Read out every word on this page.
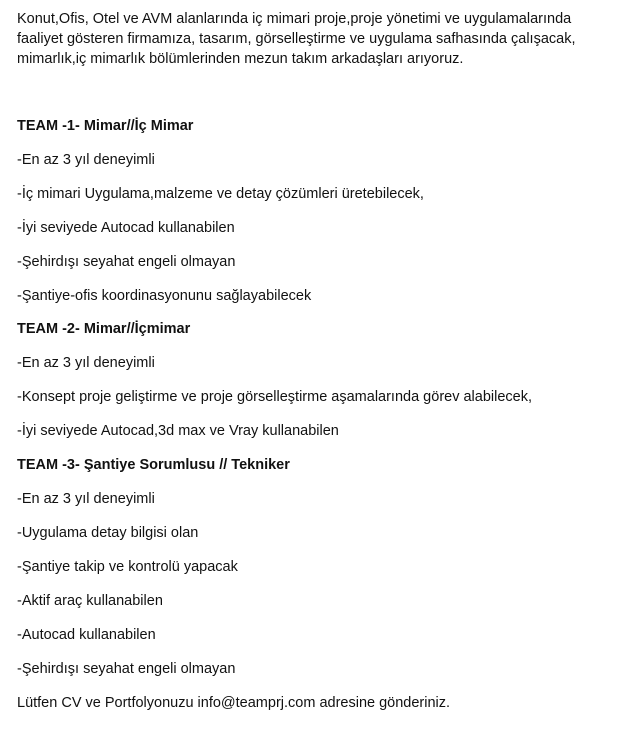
Konut,Ofis, Otel ve AVM alanlarında iç mimari proje,proje yönetimi ve uygulamalarında

faaliyet gösteren firmamıza, tasarım, görselleştirme ve uygulama safhasında çalışacak,

mimarlık,iç mimarlık bölümlerinden mezun takım arkadaşları arıyoruz.

TEAM -1- Mimar//İç Mimar

-En az 3 yıl deneyimli

-İç mimari Uygulama,malzeme ve detay çözümleri üretebilecek,

-İyi seviyede Autocad kullanabilen

-Şehirdışı seyahat engeli olmayan

-Şantiye-ofis koordinasyonunu sağlayabilecek

TEAM -2- Mimar//İçmimar

-En az 3 yıl deneyimli

-Konsept proje geliştirme ve proje görselleştirme aşamalarında görev alabilecek,

-İyi seviyede Autocad,3d max ve Vray kullanabilen

TEAM -3- Şantiye Sorumlusu // Tekniker

-En az 3 yıl deneyimli

-Uygulama detay bilgisi olan

-Şantiye takip ve kontrolü yapacak

-Aktif araç kullanabilen

-Autocad kullanabilen

-Şehirdışı seyahat engeli olmayan

Lütfen CV ve Portfolyonuzu info@teamprj.com adresine gönderiniz.
